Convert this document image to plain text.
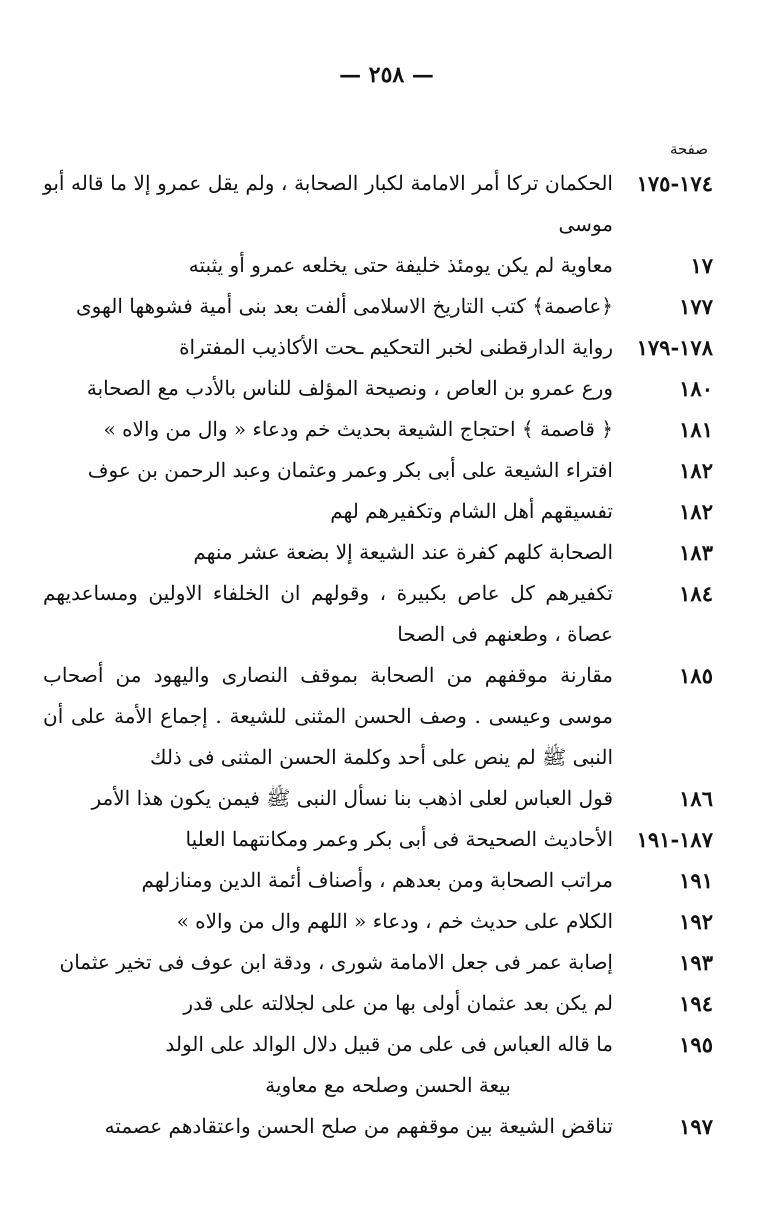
— ٢٥٨ —
صفحة
١٧٤-١٧٥
الحكمان تركا أمر الامامة لكبار الصحابة ، ولم يقل عمرو إلا ما قاله أبو موسى
١٧
معاوية لم يكن يومئذ خليفة حتى يخلعه عمرو أو يثبته
١٧٧
﴿عاصمة﴾ كتب التاريخ الاسلامى ألفت بعد بنى أمية فشوهها الهوى
١٧٨-١٧٩
رواية الدارقطنى لخبر التحكيم ـحت الأكاذيب المفتراة
١٨٠
ورع عمرو بن العاص ، ونصيحة المؤلف للناس بالأدب مع الصحابة
١٨١
﴿ قاصمة ﴾ احتجاج الشيعة بحديث خم ودعاء « وال من والاه »
١٨٢
افتراء الشيعة على أبى بكر وعمر وعثمان وعبد الرحمن بن عوف
١٨٢
تفسيقهم أهل الشام وتكفيرهم لهم
١٨٣
الصحابة كلهم كفرة عند الشيعة إلا بضعة عشر منهم
١٨٤
تكفيرهم كل عاص بكبيرة ، وقولهم ان الخلفاء الاولين ومساعديهم عصاة ، وطعنهم فى الصحا
١٨٥
مقارنة موقفهم من الصحابة بموقف النصارى واليهود من أصحاب موسى وعيسى . وصف الحسن المثنى للشيعة . إجماع الأمة على أن النبى ﷺ لم ينص على أحد وكلمة الحسن المثنى فى ذلك
١٨٦
قول العباس لعلى اذهب بنا نسأل النبى ﷺ فيمن يكون هذا الأمر
١٨٧-١٩١
الأحاديث الصحيحة فى أبى بكر وعمر ومكانتهما العليا
١٩١
مراتب الصحابة ومن بعدهم ، وأصناف أئمة الدين ومنازلهم
١٩٢
الكلام على حديث خم ، ودعاء « اللهم وال من والاه »
١٩٣
إصابة عمر فى جعل الامامة شورى ، ودقة ابن عوف فى تخير عثمان
١٩٤
لم يكن بعد عثمان أولى بها من على لجلالته على قدر
١٩٥
ما قاله العباس فى على من قبيل دلال الوالد على الولد
بيعة الحسن وصلحه مع معاوية
١٩٧
تناقض الشيعة بين موقفهم من صلح الحسن واعتقادهم عصمته
